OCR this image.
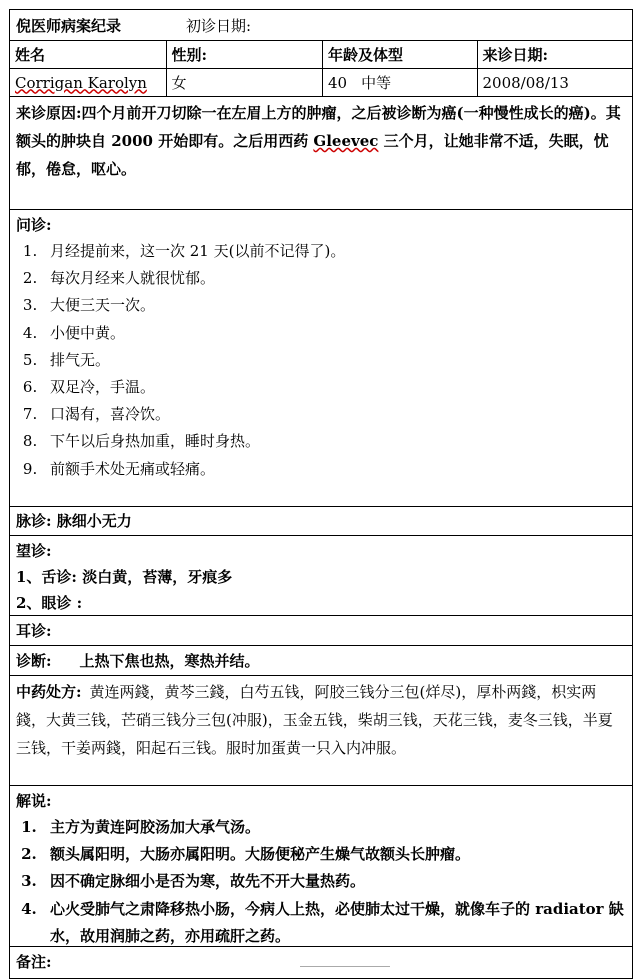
倪医师病案纪录	初诊日期:
姓名	性别:	年龄及体型	来诊日期:
Corrigan Karolyn	女	40 中等	2008/08/13
来诊原因:四个月前开刀切除一在左眉上方的肿瘤，之后被诊断为癌(一种慢性成长的癌)。其额头的肿块自 2000 开始即有。之后用西药 Gleevec 三个月，让她非常不适，失眠，忧郁，倦怠，呕心。
问诊:
1. 月经提前来，这一次 21 天(以前不记得了)。
2. 每次月经来人就很忧郁。
3. 大便三天一次。
4. 小便中黄。
5. 排气无。
6. 双足冷，手温。
7. 口渴有，喜冷饮。
8. 下午以后身热加重，睡时身热。
9. 前额手术处无痛或轻痛。
脉诊: 脉细小无力
望诊:
1、舌诊: 淡白黄，苔薄，牙痕多
2、眼诊 :
耳诊:
诊断: 上热下焦也热，寒热并结。
中药处方: 黄连两錢，黄芩三錢，白芍五钱，阿胶三钱分三包(烊尽)，厚朴两錢，枳实两錢，大黄三钱，芒硝三钱分三包(冲服)，玉金五钱，柴胡三钱，天花三钱，麦冬三钱，半夏三钱，干姜两錢，阳起石三钱。服时加蛋黄一只入内冲服。
解说:
1. 主方为黄连阿胶汤加大承气汤。
2. 额头属阳明，大肠亦属阳明。大肠便秘产生燥气故额头长肿瘤。
3. 因不确定脉细小是否为寒，故先不开大量热药。
4. 心火受肺气之肃降移热小肠，今病人上热，必使肺太过干燥，就像车子的 radiator 缺水，故用润肺之药，亦用疏肝之药。
备注:
